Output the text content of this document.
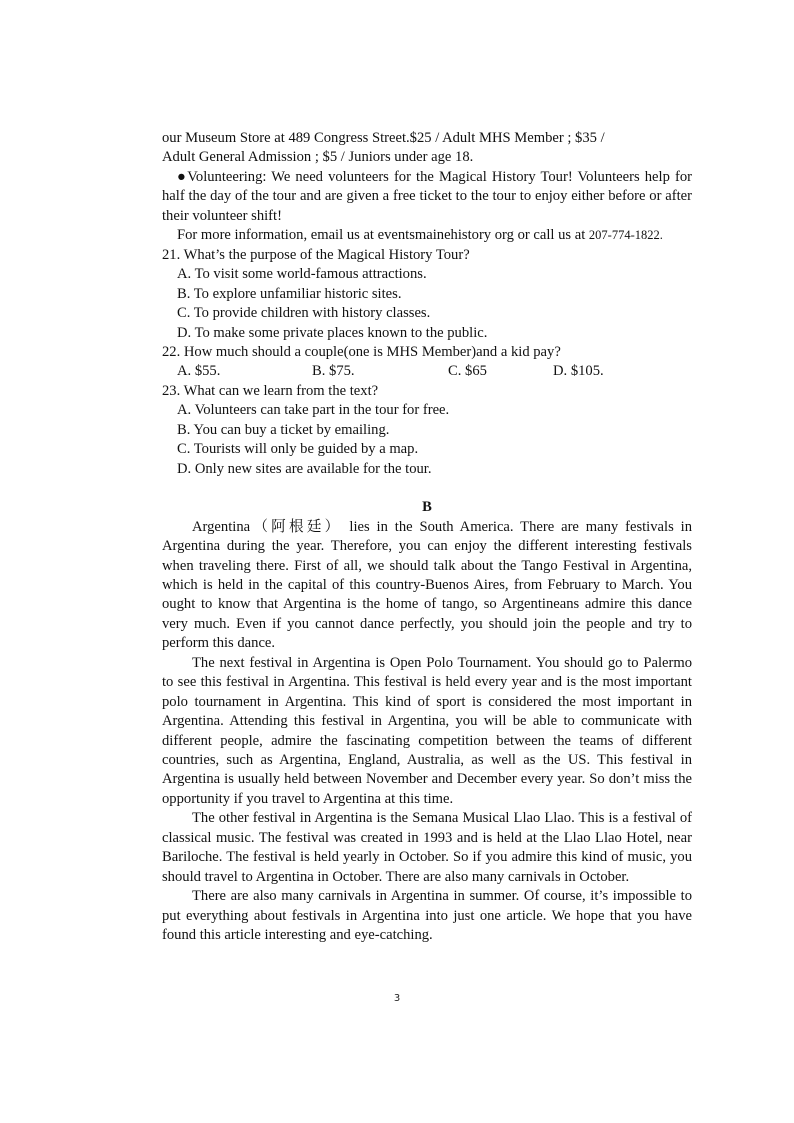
our Museum Store at 489 Congress Street.$25 / Adult MHS Member ; $35 /

Adult General Admission ; $5 / Juniors under age 18.

●Volunteering: We need volunteers for the Magical History Tour! Volunteers help for half the day of the tour and are given a free ticket to the tour to enjoy either before or after their volunteer shift!

For more information, email us at eventsmainehistory org or call us at 207-774-1822.

21. What’s the purpose of the Magical History Tour?

A. To visit some world-famous attractions.

B. To explore unfamiliar historic sites.

C. To provide children with history classes.

D. To make some private places known to the public.

22. How much should a couple(one is MHS Member)and a kid pay?

A. $55.	B. $75.	C. $65	D. $105.

23. What can we learn from the text?

A. Volunteers can take part in the tour for free.

B. You can buy a ticket by emailing.

C. Tourists will only be guided by a map.

D. Only new sites are available for the tour.

B

Argentina（阿根廷） lies in the South America. There are many festivals in Argentina during the year. Therefore, you can enjoy the different interesting festivals when traveling there. First of all, we should talk about the Tango Festival in Argentina, which is held in the capital of this country-Buenos Aires, from February to March. You ought to know that Argentina is the home of tango, so Argentineans admire this dance very much. Even if you cannot dance perfectly, you should join the people and try to perform this dance.

The next festival in Argentina is Open Polo Tournament. You should go to Palermo to see this festival in Argentina. This festival is held every year and is the most important polo tournament in Argentina. This kind of sport is considered the most important in Argentina. Attending this festival in Argentina, you will be able to communicate with different people, admire the fascinating competition between the teams of different countries, such as Argentina, England, Australia, as well as the US. This festival in Argentina is usually held between November and December every year. So don’t miss the opportunity if you travel to Argentina at this time.

The other festival in Argentina is the Semana Musical Llao Llao. This is a festival of classical music. The festival was created in 1993 and is held at the Llao Llao Hotel, near Bariloche. The festival is held yearly in October. So if you admire this kind of music, you should travel to Argentina in October. There are also many carnivals in October.

There are also many carnivals in Argentina in summer. Of course, it’s impossible to put everything about festivals in Argentina into just one article. We hope that you have found this article interesting and eye-catching.

3
